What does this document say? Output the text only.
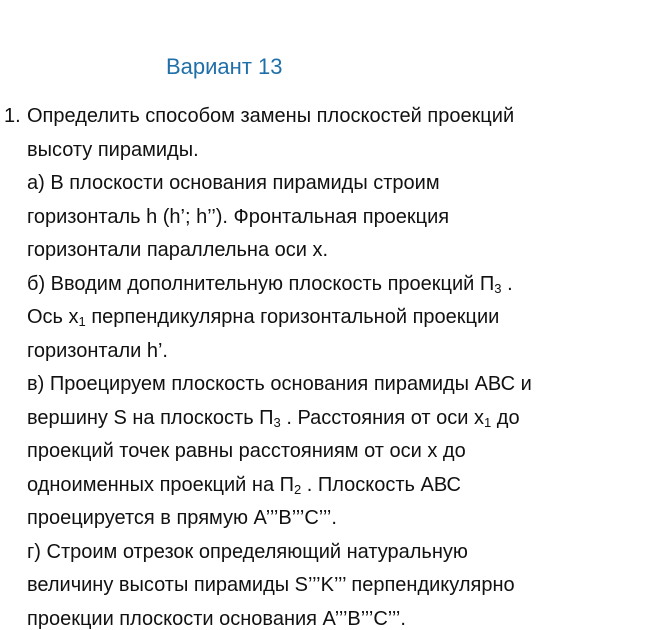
Вариант 13
1. Определить способом замены плоскостей проекций
высоту пирамиды.
а) В плоскости основания пирамиды строим
горизонталь h (h’; h’’). Фронтальная проекция
горизонтали параллельна оси х.
б) Вводим дополнительную плоскость проекций $П_3$ .
Ось $х_1$ перпендикулярна горизонтальной проекции
горизонтали h’.
в) Проецируем плоскость основания пирамиды АВС и
вершину S на плоскость $П_3$ . Расстояния от оси $х_1$ до
проекций точек равны расстояниям от оси х до
одноименных проекций на $П_2$ . Плоскость АВС
проецируется в прямую А’’’В’’’С’’’.
г) Строим отрезок определяющий натуральную
величину высоты пирамиды S’’’K’’’ перпендикулярно
проекции плоскости основания А’’’В’’’С’’’.
